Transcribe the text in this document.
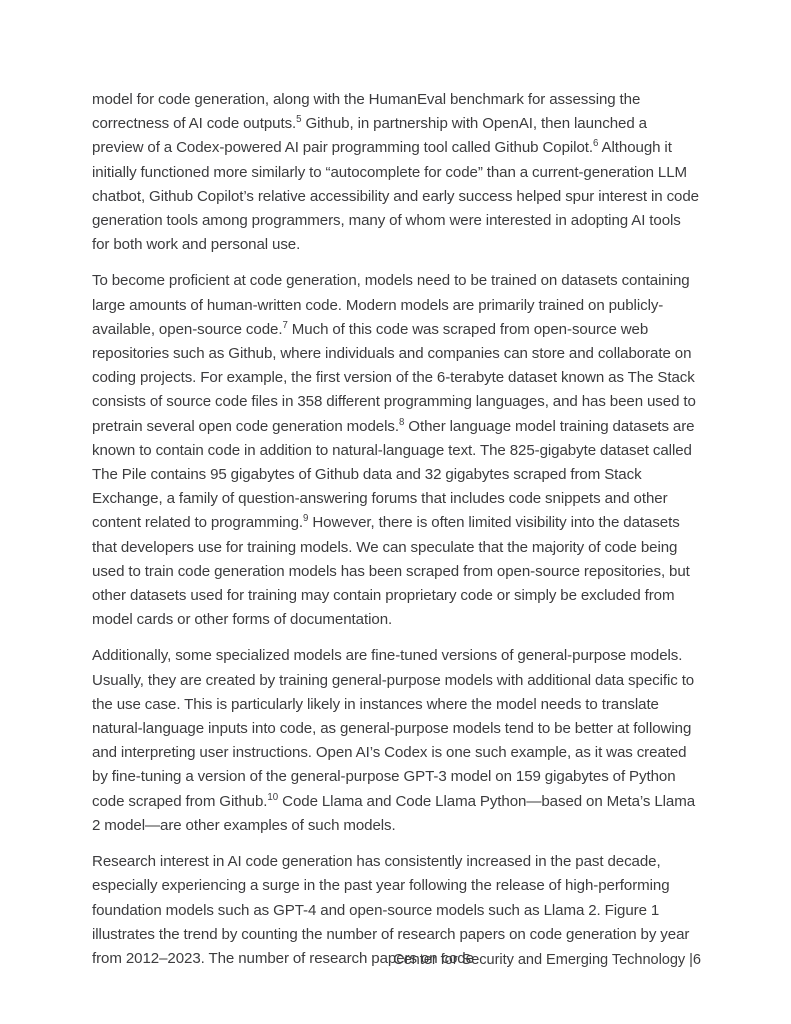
model for code generation, along with the HumanEval benchmark for assessing the correctness of AI code outputs.$^5$ Github, in partnership with OpenAI, then launched a preview of a Codex-powered AI pair programming tool called Github Copilot.$^6$ Although it initially functioned more similarly to “autocomplete for code” than a current-generation LLM chatbot, Github Copilot’s relative accessibility and early success helped spur interest in code generation tools among programmers, many of whom were interested in adopting AI tools for both work and personal use.

To become proficient at code generation, models need to be trained on datasets containing large amounts of human-written code. Modern models are primarily trained on publicly-available, open-source code.$^7$ Much of this code was scraped from open-source web repositories such as Github, where individuals and companies can store and collaborate on coding projects. For example, the first version of the 6-terabyte dataset known as The Stack consists of source code files in 358 different programming languages, and has been used to pretrain several open code generation models.$^8$ Other language model training datasets are known to contain code in addition to natural-language text. The 825-gigabyte dataset called The Pile contains 95 gigabytes of Github data and 32 gigabytes scraped from Stack Exchange, a family of question-answering forums that includes code snippets and other content related to programming.$^9$ However, there is often limited visibility into the datasets that developers use for training models. We can speculate that the majority of code being used to train code generation models has been scraped from open-source repositories, but other datasets used for training may contain proprietary code or simply be excluded from model cards or other forms of documentation.

Additionally, some specialized models are fine-tuned versions of general-purpose models. Usually, they are created by training general-purpose models with additional data specific to the use case. This is particularly likely in instances where the model needs to translate natural-language inputs into code, as general-purpose models tend to be better at following and interpreting user instructions. Open AI’s Codex is one such example, as it was created by fine-tuning a version of the general-purpose GPT-3 model on 159 gigabytes of Python code scraped from Github.$^{10}$ Code Llama and Code Llama Python—based on Meta’s Llama 2 model—are other examples of such models.

Research interest in AI code generation has consistently increased in the past decade, especially experiencing a surge in the past year following the release of high-performing foundation models such as GPT-4 and open-source models such as Llama 2. Figure 1 illustrates the trend by counting the number of research papers on code generation by year from 2012–2023. The number of research papers on code

Center for Security and Emerging Technology |6
